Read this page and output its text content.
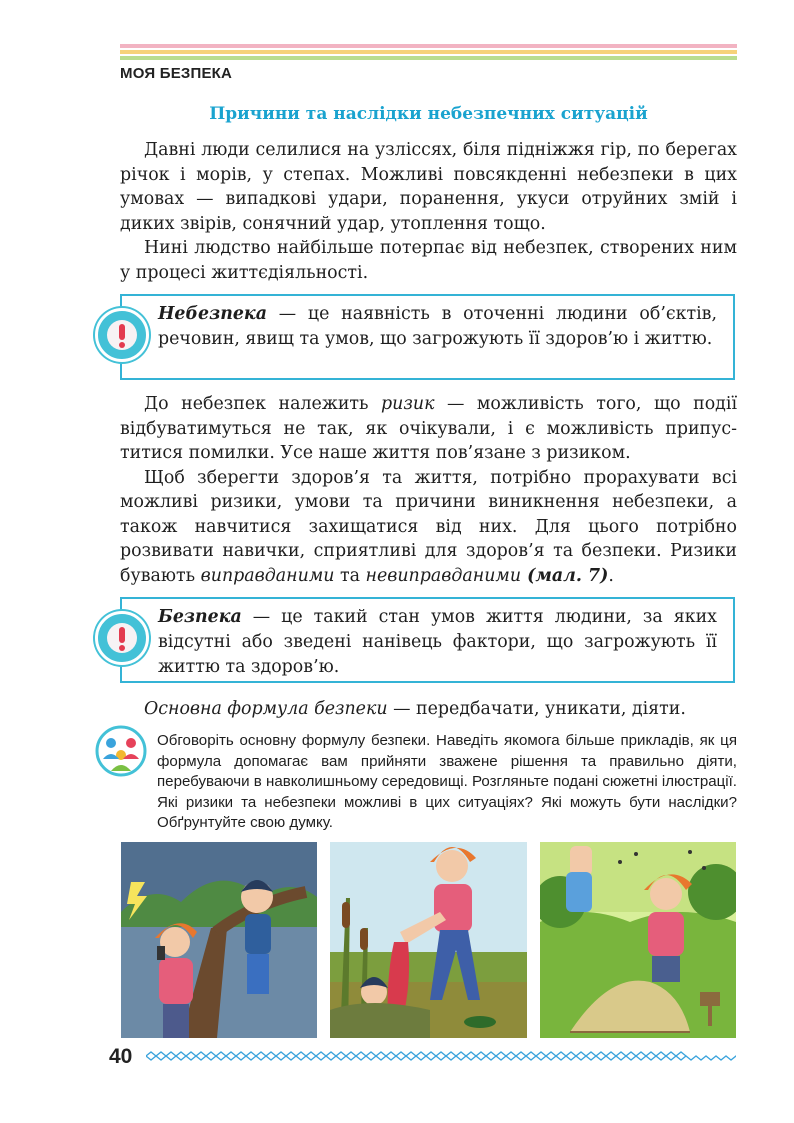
МОЯ БЕЗПЕКА
Причини та наслідки небезпечних ситуацій

Давні люди селилися на узліссях, біля підніжжя гір, по берегах річок і морів, у степах. Можливі повсякденні небезпеки в цих умовах — випадкові удари, поранення, укуси отруйних змій і диких звірів, сонячний удар, утоплення тощо.

Нині людство найбільше потерпає від небезпек, створених ним у процесі життєдіяльності.

Небезпека — це наявність в оточенні людини об’єктів, речовин, явищ та умов, що загрожують її здоров’ю і життю.

До небезпек належить ризик — можливість того, що події відбуватимуться не так, як очікували, і є можливість припуститися помилки. Усе наше життя пов’язане з ризиком.

Щоб зберегти здоров’я та життя, потрібно прорахувати всі можливі ризики, умови та причини виникнення небезпеки, а також навчитися захищатися від них. Для цього потрібно розвивати навички, сприятливі для здоров’я та безпеки. Ризики бувають виправданими та невиправданими (мал. 7).

Безпека — це такий стан умов життя людини, за яких відсутні або зведені нанівець фактори, що загрожують її життю та здоров’ю.
Основна формула безпеки — передбачати, уникати, діяти.
Обговоріть основну формулу безпеки. Наведіть якомога більше прикладів, як ця формула допомагає вам прийняти зважене рішення та правильно діяти, перебуваючи в навколишньому середовищі. Розгляньте подані сюжетні ілюстрації. Які ризики та небезпеки можливі в цих ситуаціях? Які можуть бути наслідки? Обґрунтуйте свою думку.
40
